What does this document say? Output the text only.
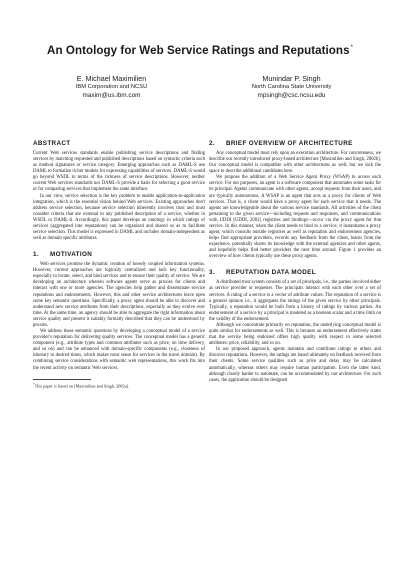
An Ontology for Web Service Ratings and Reputations*
E. Michael Maximilien
IBM Corporation and NCSU
maxim@us.ibm.com
Munindar P. Singh
North Carolina State University
mpsingh@csc.ncsu.edu
ABSTRACT

Current Web services standards enable publishing service descriptions and finding services by matching requested and published descriptions based on syntactic criteria such as method signatures or service category. Emerging approaches such as DAML-S use DAML to formalize richer models for expressing capabilities of services. DAML-S would go beyond WSDL in terms of the richness of service descriptions. However, neither current Web services standards nor DAML-S provide a basis for selecting a good service or for comparing services that implement the same interface.

In our view, service selection is the key problem to enable application-to-application integration, which is the essential vision behind Web services. Existing approaches don't address service selection, because service selection inherently involves trust and must consider criteria that are external to any published description of a service, whether in WSDL or DAML-S. Accordingly, this paper develops an ontology in which ratings of services (aggregated into reputations) can be organized and shared so as to facilitate service selection. This model is expressed in DAML and includes domain-independent as well as domain specific attributes.

1. MOTIVATION

Web services promise the dynamic creation of loosely coupled information systems. However, current approaches are logically centralized and lack key functionality, especially to locate, select, and bind services and to ensure their quality of service. We are developing an architecture wherein software agents serve as proxies for clients and interact with one or more agencies. The agencies help gather and disseminate service reputations and endorsements. However, this and other service architectures leave open some key semantic questions. Specifically, a proxy agent should be able to discover and understand new service attributes from their descriptions, especially as they evolve over time. At the same time, an agency should be able to aggregate the right information about service quality and present it suitably formally described that they can be understood by proxies.

We address these semantic questions by developing a conceptual model of a service provider's reputation for delivering quality services. The conceptual model has a generic component (e.g., attribute types and common attributes such as price, on time delivery, and so on) and can be enhanced with domain-specific components (e.g., closeness of itinerary to desired times, which makes most sense for services in the travel domain). By combining service considerations with semantic web representations, this work fits into the recent activity on semantic Web services.

*This paper is based on [Maximilien and Singh, 2002a].

2. BRIEF OVERVIEW OF ARCHITECTURE

Any conceptual model must rely upon an execution architecture. For concreteness, we describe our recently introduced proxy-based architecture [Maximilien and Singh, 2002b]. Our conceptual model is compatible with other architectures as well, but we lack the space to describe additional candidates here.

We propose the addition of a Web Service Agent Proxy (WSAP) to access each service. For our purposes, an agent is a software component that automates some tasks for its principal. Agents communicate with other agents, accept requests from their users, and are typically autonomous. A WSAP is an agent that acts as a proxy for clients of Web services. That is, a client would have a proxy agent for each service that it needs. The agents are knowledgeable about the various service standards. All activities of the client pertaining to the given service—including requests and responses, and communications with UDDI [UDDI, 2002] registries and bindings—occur via the proxy agent for that service. In this manner, when the client needs to bind to a service, it instantiates a proxy agent, which consults outside registries as well as reputation and endorsement agencies, helps find appropriate providers, records any feedback from the client, learns from the experience, potentially shares its knowledge with the external agencies and other agents, and hopefully helps find better providers the next time around. Figure 1 provides an overview of how clients typically use these proxy agents.

3. REPUTATION DATA MODEL

A distributed trust system consists of a set of principals, i.e., the parties involved either as service provider or requester. The principals interact with each other over a set of services. A rating of a service is a vector of attribute values. The reputation of a service is a general opinion i.e., it aggregates the ratings of the given service by other principals. Typically, a reputation would be built from a history of ratings by various parties. An endorsement of a service by a principal is modeled as a boolean scalar and a time limit on the validity of the endorsement.

Although we concentrate primarily on reputation, the underlying conceptual model is quite similar for endorsements as well. This is because an endorsement effectively states that the service being endorsed offers high quality with respect to some selected attributes: price, reliability, and so on.

In our proposed approach, agents maintain and contribute ratings to others and discover reputations. However, the ratings are based ultimately on feedback received from their clients. Some service qualities such as price and delay may be calculated automatically, whereas others may require human participation. Even the latter kind, although clearly harder to automate, can be accommodated by our architecture. For such cases, the application should be designed
